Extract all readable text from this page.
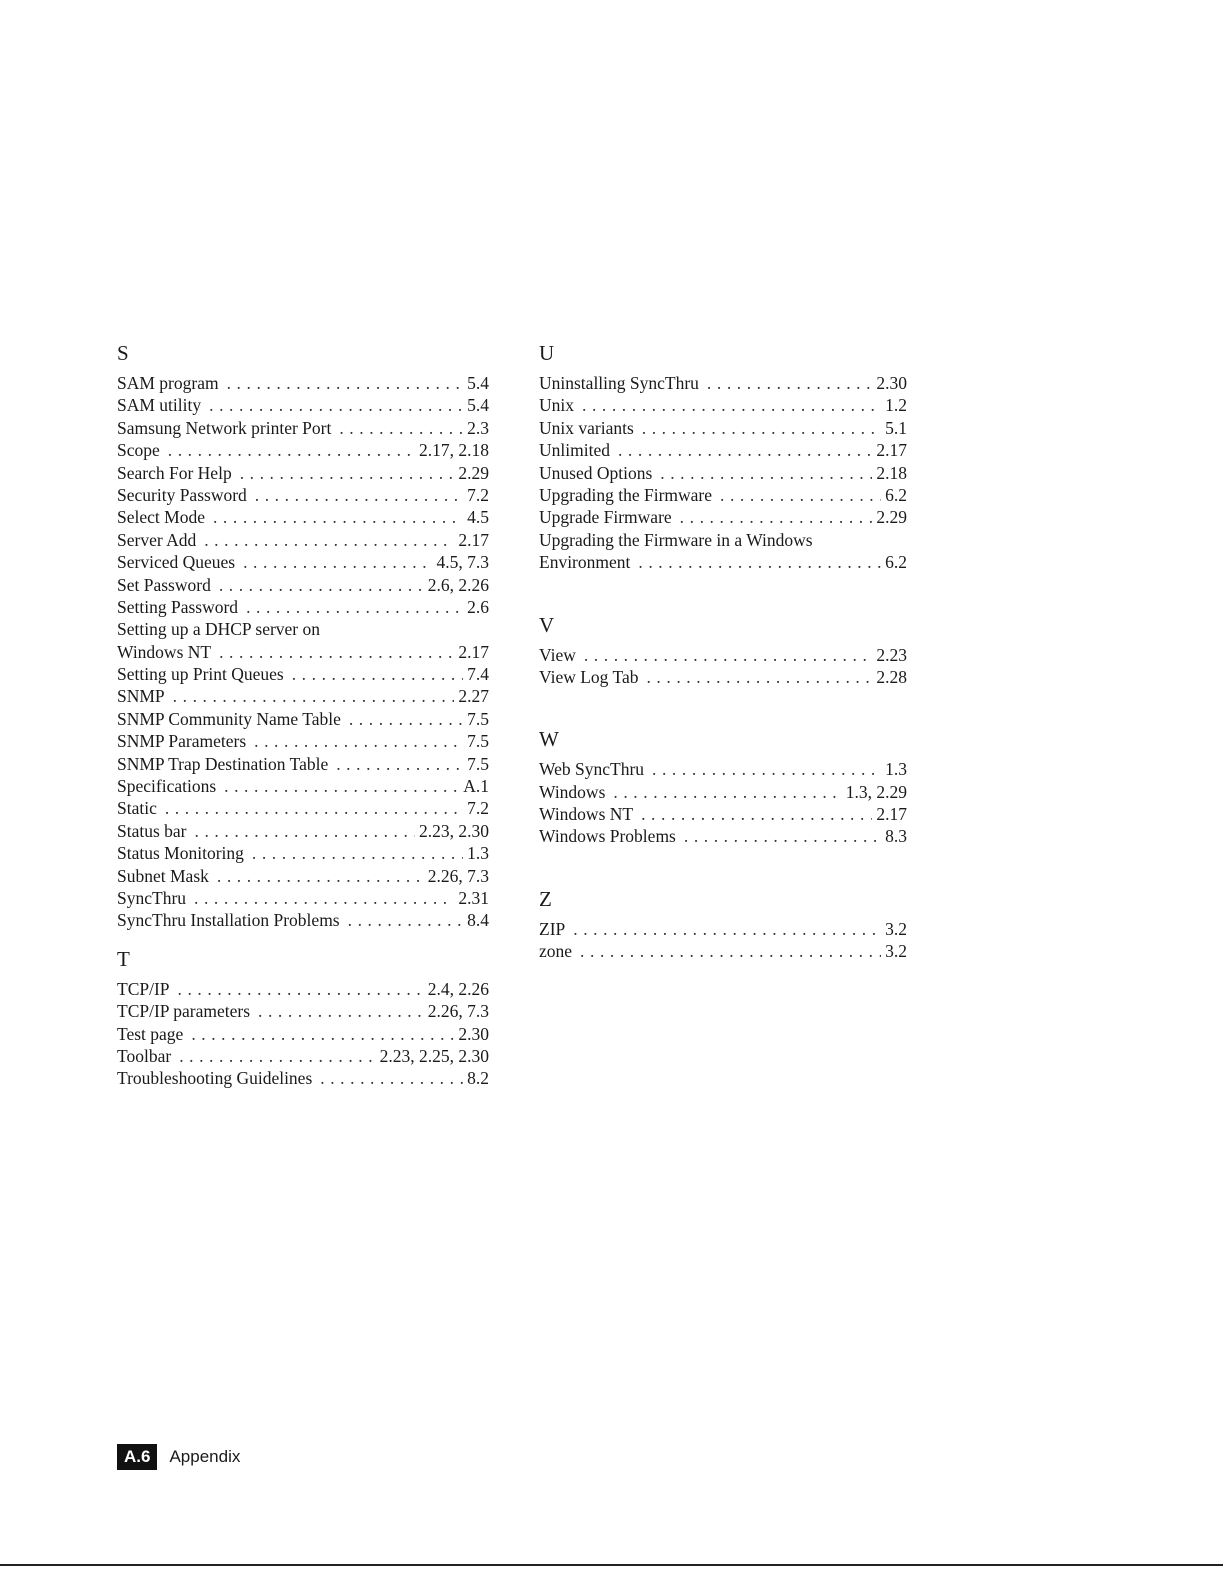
S
SAM program . . .	5.4
SAM utility . . .	5.4
Samsung Network printer Port . . .	2.3
Scope . . .	2.17, 2.18
Search For Help . . .	2.29
Security Password . . .	7.2
Select Mode . . .	4.5
Server Add . . .	2.17
Serviced Queues . . .	4.5, 7.3
Set Password . . .	2.6, 2.26
Setting Password . . .	2.6
Setting up a DHCP server on
Windows NT . . .	2.17
Setting up Print Queues . . .	7.4
SNMP . . .	2.27
SNMP Community Name Table . . .	7.5
SNMP Parameters . . .	7.5
SNMP Trap Destination Table . . .	7.5
Specifications . . .	A.1
Static . . .	7.2
Status bar . . .	2.23, 2.30
Status Monitoring . . .	1.3
Subnet Mask . . .	2.26, 7.3
SyncThru . . .	2.31
SyncThru Installation Problems . . .	8.4
T
TCP/IP . . .	2.4, 2.26
TCP/IP parameters . . .	2.26, 7.3
Test page . . .	2.30
Toolbar . . .	2.23, 2.25, 2.30
Troubleshooting Guidelines . . .	8.2
U
Uninstalling SyncThru . . .	2.30
Unix . . .	1.2
Unix variants . . .	5.1
Unlimited . . .	2.17
Unused Options . . .	2.18
Upgrading the Firmware . . .	6.2
Upgrade Firmware . . .	2.29
Upgrading the Firmware in a Windows
Environment . . .	6.2
V
View . . .	2.23
View Log Tab . . .	2.28
W
Web SyncThru . . .	1.3
Windows . . .	1.3, 2.29
Windows NT . . .	2.17
Windows Problems . . .	8.3
Z
ZIP . . .	3.2
zone . . .	3.2
A.6	Appendix
